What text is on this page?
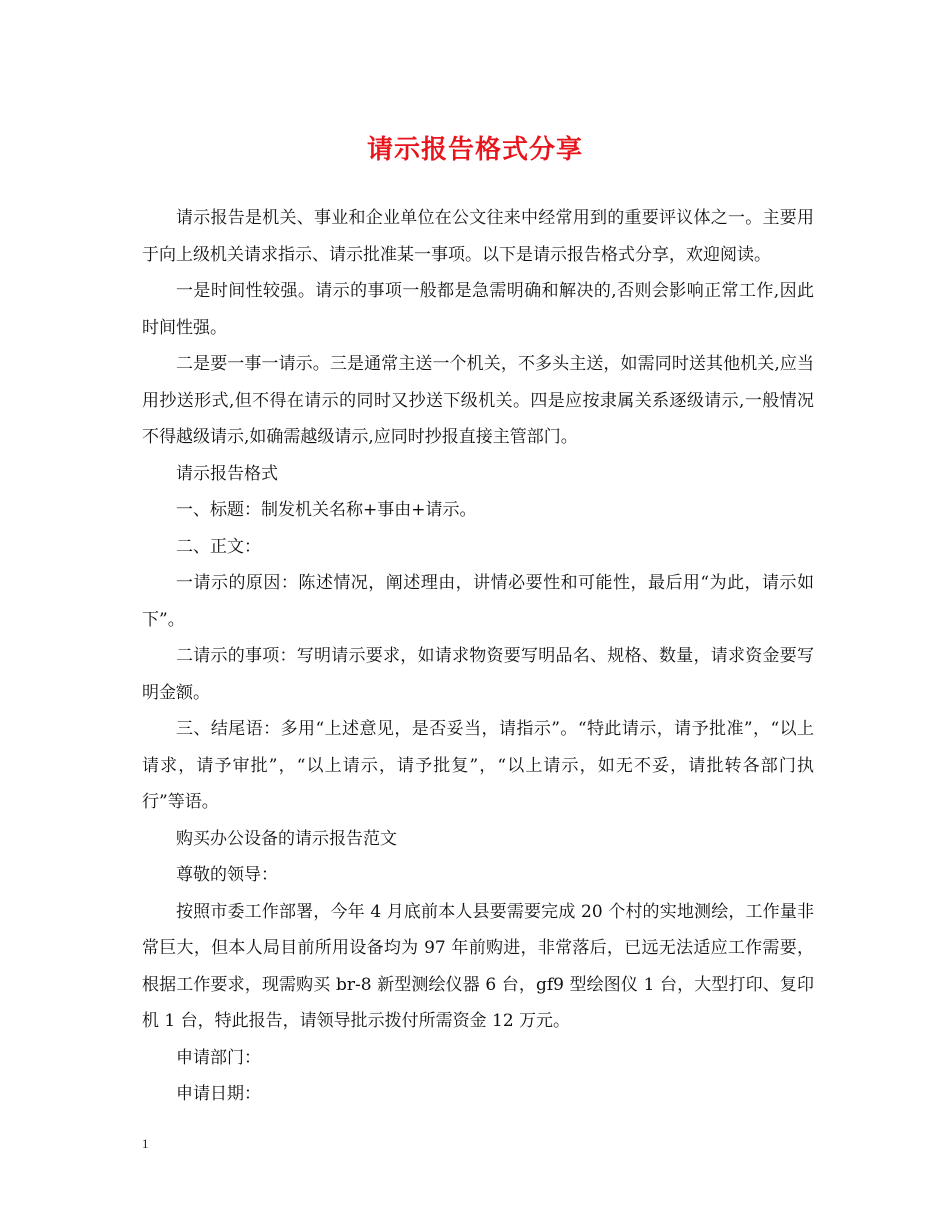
请示报告格式分享

请示报告是机关、事业和企业单位在公文往来中经常用到的重要评议体之一。主要用于向上级机关请求指示、请示批准某一事项。以下是请示报告格式分享，欢迎阅读。

一是时间性较强。请示的事项一般都是急需明确和解决的,否则会影响正常工作,因此时间性强。

二是要一事一请示。三是通常主送一个机关，不多头主送，如需同时送其他机关,应当用抄送形式,但不得在请示的同时又抄送下级机关。四是应按隶属关系逐级请示,一般情况不得越级请示,如确需越级请示,应同时抄报直接主管部门。

请示报告格式

一、标题：制发机关名称+事由+请示。

二、正文：

一请示的原因：陈述情况，阐述理由，讲情必要性和可能性，最后用“为此，请示如下”。

二请示的事项：写明请示要求，如请求物资要写明品名、规格、数量，请求资金要写明金额。

三、结尾语：多用“上述意见，是否妥当，请指示”。“特此请示，请予批准”，“以上请求，请予审批”，“以上请示，请予批复”，“以上请示，如无不妥，请批转各部门执行”等语。

购买办公设备的请示报告范文

尊敬的领导：

按照市委工作部署，今年 4 月底前本人县要需要完成 20 个村的实地测绘，工作量非常巨大，但本人局目前所用设备均为 97 年前购进，非常落后，已远无法适应工作需要，根据工作要求，现需购买 br-8 新型测绘仪器 6 台，gf9 型绘图仪 1 台，大型打印、复印机 1 台，特此报告，请领导批示拨付所需资金 12 万元。

申请部门：

申请日期：

1
